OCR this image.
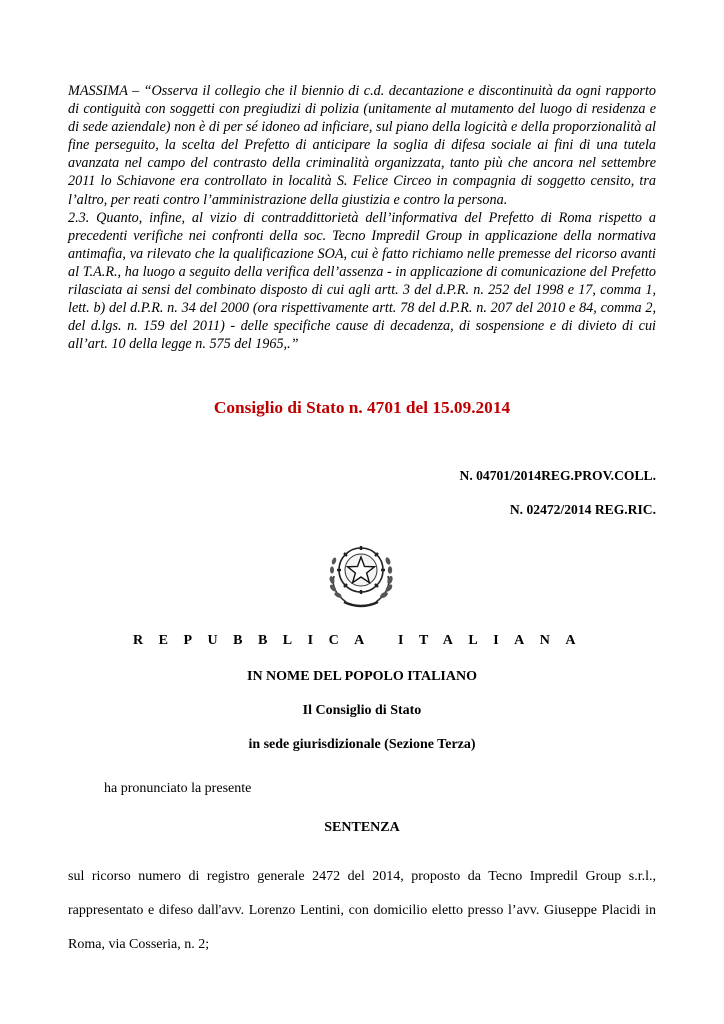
MASSIMA – “Osserva il collegio che il biennio di c.d. decantazione e discontinuità da ogni rapporto di contiguità con soggetti con pregiudizi di polizia (unitamente al mutamento del luogo di residenza e di sede aziendale) non è di per sé idoneo ad inficiare, sul piano della logicità e della proporzionalità al fine perseguito, la scelta del Prefetto di anticipare la soglia di difesa sociale ai fini di una tutela avanzata nel campo del contrasto della criminalità organizzata, tanto più che ancora nel settembre 2011 lo Schiavone era controllato in località S. Felice Circeo in compagnia di soggetto censito, tra l’altro, per reati contro l’amministrazione della giustizia e contro la persona.

2.3. Quanto, infine, al vizio di contraddittorietà dell’informativa del Prefetto di Roma rispetto a precedenti verifiche nei confronti della soc. Tecno Impredil Group in applicazione della normativa antimafia, va rilevato che la qualificazione SOA, cui è fatto richiamo nelle premesse del ricorso avanti al T.A.R., ha luogo a seguito della verifica dell’assenza - in applicazione di comunicazione del Prefetto rilasciata ai sensi del combinato disposto di cui agli artt. 3 del d.P.R. n. 252 del 1998 e 17, comma 1, lett. b) del d.P.R. n. 34 del 2000 (ora rispettivamente artt. 78 del d.P.R. n. 207 del 2010 e 84, comma 2, del d.lgs. n. 159 del 2011) - delle specifiche cause di decadenza, di sospensione e di divieto di cui all’art. 10 della legge n. 575 del 1965,.”

Consiglio di Stato n. 4701 del 15.09.2014
N. 04701/2014REG.PROV.COLL.
N. 02472/2014 REG.RIC.
REPUBBLICA ITALIANA
IN NOME DEL POPOLO ITALIANO
Il Consiglio di Stato
in sede giurisdizionale (Sezione Terza)
ha pronunciato la presente
SENTENZA

sul ricorso numero di registro generale 2472 del 2014, proposto da Tecno Impredil Group s.r.l., rappresentato e difeso dall'avv. Lorenzo Lentini, con domicilio eletto presso l’avv. Giuseppe Placidi in Roma, via Cosseria, n. 2;
